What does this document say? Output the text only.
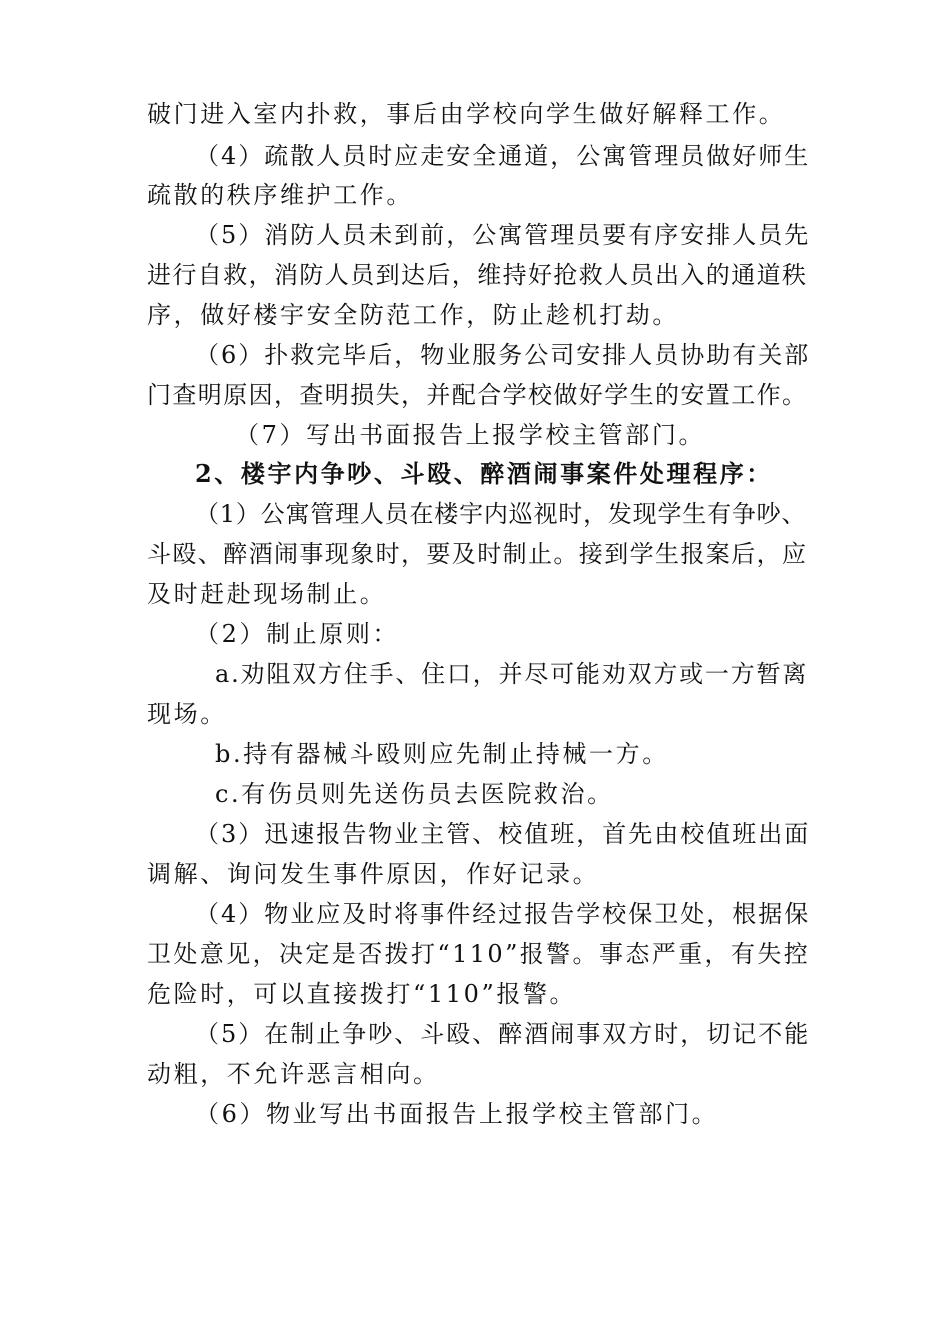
破门进入室内扑救，事后由学校向学生做好解释工作。
（4）疏散人员时应走安全通道，公寓管理员做好师生
疏散的秩序维护工作。
（5）消防人员未到前，公寓管理员要有序安排人员先
进行自救，消防人员到达后，维持好抢救人员出入的通道秩
序，做好楼宇安全防范工作，防止趁机打劫。
（6）扑救完毕后，物业服务公司安排人员协助有关部
门查明原因，查明损失，并配合学校做好学生的安置工作。
（7）写出书面报告上报学校主管部门。
2、楼宇内争吵、斗殴、醉酒闹事案件处理程序：
（1）公寓管理人员在楼宇内巡视时，发现学生有争吵、
斗殴、醉酒闹事现象时，要及时制止。接到学生报案后，应
及时赶赴现场制止。
（2）制止原则：
a.劝阻双方住手、住口，并尽可能劝双方或一方暂离
现场。
b.持有器械斗殴则应先制止持械一方。
c.有伤员则先送伤员去医院救治。
（3）迅速报告物业主管、校值班，首先由校值班出面
调解、询问发生事件原因，作好记录。
（4）物业应及时将事件经过报告学校保卫处，根据保
卫处意见，决定是否拨打“110”报警。事态严重，有失控
危险时，可以直接拨打“110”报警。
（5）在制止争吵、斗殴、醉酒闹事双方时，切记不能
动粗，不允许恶言相向。
（6）物业写出书面报告上报学校主管部门。
